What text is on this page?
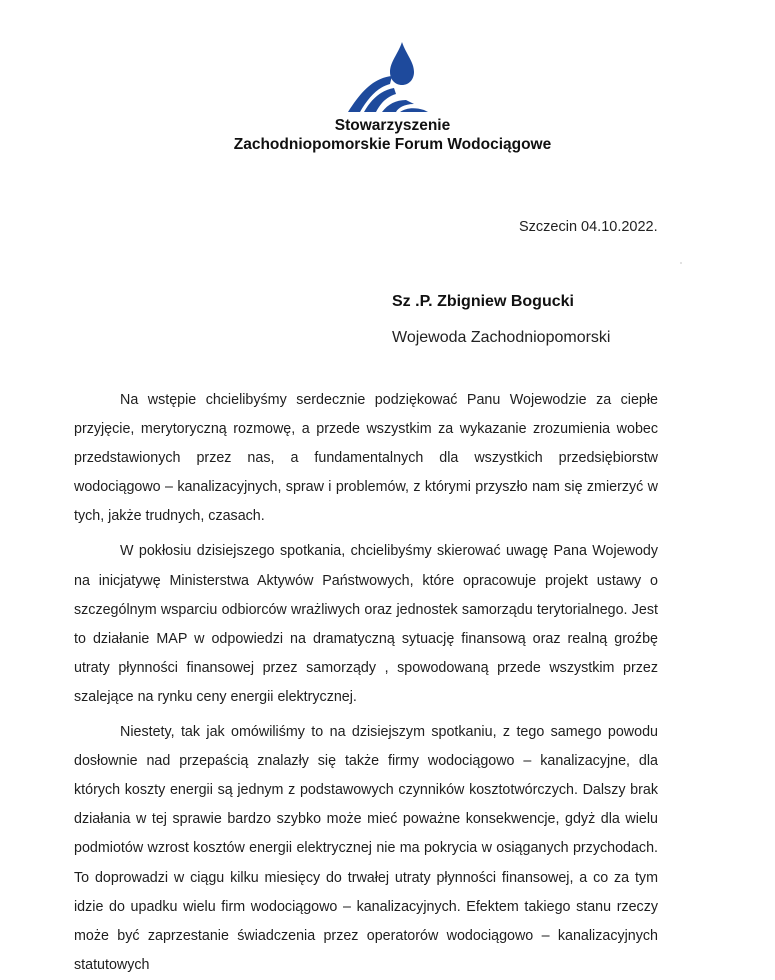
Stowarzyszenie
Zachodniopomorskie Forum Wodociągowe
Szczecin 04.10.2022.
Sz .P. Zbigniew Bogucki
Wojewoda Zachodniopomorski

Na wstępie chcielibyśmy serdecznie podziękować Panu Wojewodzie za ciepłe przyjęcie, merytoryczną rozmowę, a przede wszystkim za wykazanie zrozumienia wobec przedstawionych przez nas, a fundamentalnych dla wszystkich przedsiębiorstw wodociągowo – kanalizacyjnych, spraw i problemów, z którymi przyszło nam się zmierzyć w tych, jakże trudnych, czasach.

W pokłosiu dzisiejszego spotkania, chcielibyśmy skierować uwagę Pana Wojewody na inicjatywę Ministerstwa Aktywów Państwowych, które opracowuje projekt ustawy o szczególnym wsparciu odbiorców wrażliwych oraz jednostek samorządu terytorialnego. Jest to działanie MAP w odpowiedzi na dramatyczną sytuację finansową oraz realną groźbę utraty płynności finansowej przez samorządy , spowodowaną przede wszystkim przez szalejące na rynku ceny energii elektrycznej.

Niestety, tak jak omówiliśmy to na dzisiejszym spotkaniu, z tego samego powodu dosłownie nad przepaścią znalazły się także firmy wodociągowo – kanalizacyjne, dla których koszty energii są jednym z podstawowych czynników kosztotwórczych. Dalszy brak działania w tej sprawie bardzo szybko może mieć poważne konsekwencje, gdyż dla wielu podmiotów wzrost kosztów energii elektrycznej nie ma pokrycia w osiąganych przychodach. To doprowadzi w ciągu kilku miesięcy do trwałej utraty płynności finansowej, a co za tym idzie do upadku wielu firm wodociągowo – kanalizacyjnych. Efektem takiego stanu rzeczy może być zaprzestanie świadczenia przez operatorów wodociągowo – kanalizacyjnych statutowych
